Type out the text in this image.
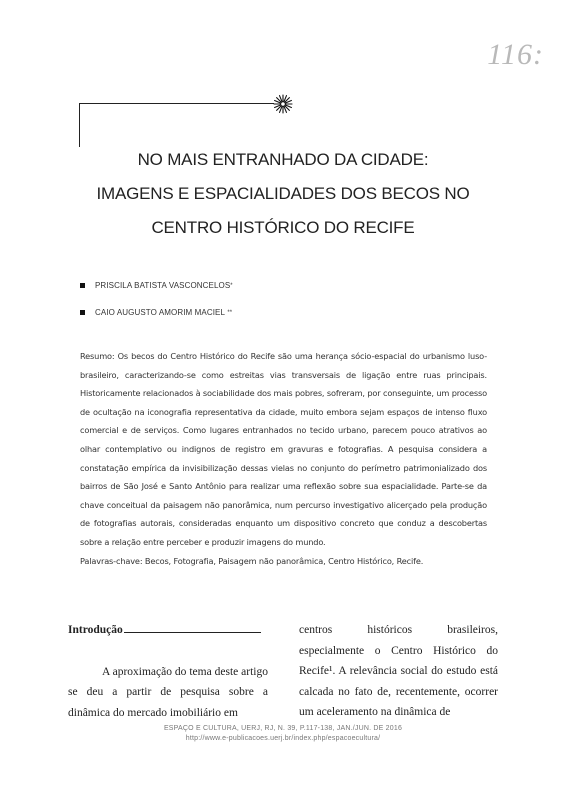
116:
NO MAIS ENTRANHADO DA CIDADE:
IMAGENS E ESPACIALIDADES DOS BECOS NO
CENTRO HISTÓRICO DO RECIFE
PRISCILA BATISTA VASCONCELOS *
CAIO AUGUSTO AMORIM MACIEL
**

Resumo: Os becos do Centro Histórico do Recife são uma herança sócio-espacial do urbanismo luso-brasileiro, caracterizando-se como estreitas vias transversais de ligação entre ruas principais. Historicamente relacionados à sociabilidade dos mais pobres, sofreram, por conseguinte, um processo de ocultação na iconografia representativa da cidade, muito embora sejam espaços de intenso fluxo comercial e de serviços. Como lugares entranhados no tecido urbano, parecem pouco atrativos ao olhar contemplativo ou indignos de registro em gravuras e fotografias. A pesquisa considera a constatação empírica da invisibilização dessas vielas no conjunto do perímetro patrimonializado dos bairros de São José e Santo Antônio para realizar uma reflexão sobre sua espacialidade. Parte-se da chave conceitual da paisagem não panorâmica, num percurso investigativo alicerçado pela produção de fotografias autorais, consideradas enquanto um dispositivo concreto que conduz a descobertas sobre a relação entre perceber e produzir imagens do mundo.

Palavras-chave: Becos, Fotografia, Paisagem não panorâmica, Centro Histórico, Recife.

Introdução
A aproximação do tema deste artigo se deu a partir de pesquisa sobre a dinâmica do mercado imobiliário em
centros históricos brasileiros, especialmente o Centro Histórico do Recife¹. A relevância social do estudo está calcada no fato de, recentemente, ocorrer um aceleramento na dinâmica de
ESPAÇO E CULTURA, UERJ, RJ, N. 39, P.117-138, JAN./JUN. DE 2016
http://www.e-publicacoes.uerj.br/index.php/espacoecultura/
